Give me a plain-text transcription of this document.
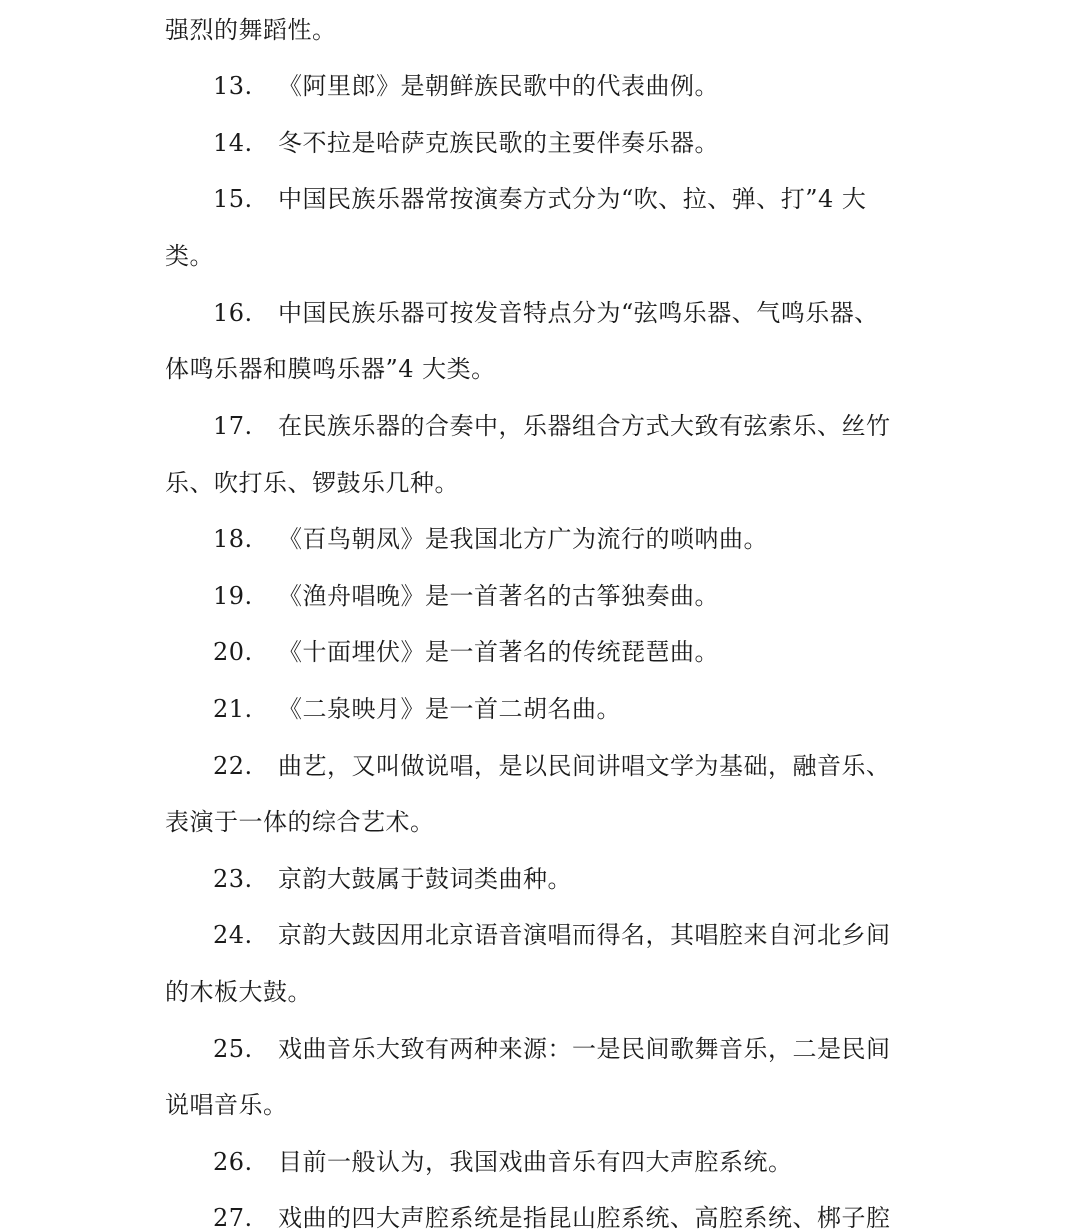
强烈的舞蹈性。
13. 《阿里郎》是朝鲜族民歌中的代表曲例。
14. 冬不拉是哈萨克族民歌的主要伴奏乐器。
15. 中国民族乐器常按演奏方式分为“吹、拉、弹、打”4 大
类。
16. 中国民族乐器可按发音特点分为“弦鸣乐器、气鸣乐器、
体鸣乐器和膜鸣乐器”4 大类。
17. 在民族乐器的合奏中，乐器组合方式大致有弦索乐、丝竹
乐、吹打乐、锣鼓乐几种。
18. 《百鸟朝凤》是我国北方广为流行的唢呐曲。
19. 《渔舟唱晚》是一首著名的古筝独奏曲。
20. 《十面埋伏》是一首著名的传统琵琶曲。
21. 《二泉映月》是一首二胡名曲。
22. 曲艺，又叫做说唱，是以民间讲唱文学为基础，融音乐、
表演于一体的综合艺术。
23. 京韵大鼓属于鼓词类曲种。
24. 京韵大鼓因用北京语音演唱而得名，其唱腔来自河北乡间
的木板大鼓。
25. 戏曲音乐大致有两种来源：一是民间歌舞音乐，二是民间
说唱音乐。
26. 目前一般认为，我国戏曲音乐有四大声腔系统。
27. 戏曲的四大声腔系统是指昆山腔系统、高腔系统、梆子腔
